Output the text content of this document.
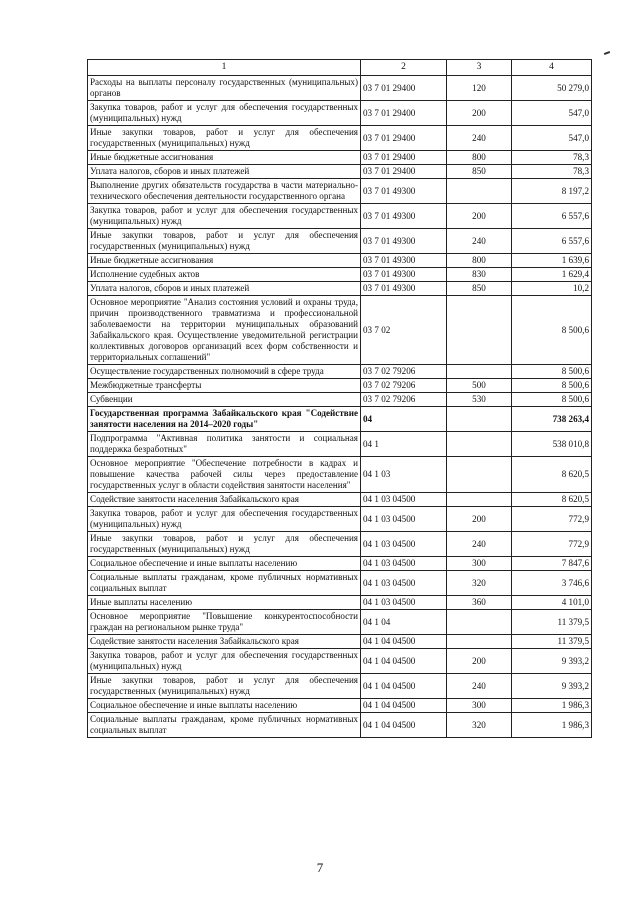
1	2	3	4
Расходы на выплаты персоналу государственных (муниципальных) органов	03 7 01 29400	120	50 279,0
Закупка товаров, работ и услуг для обеспечения государственных (муниципальных) нужд	03 7 01 29400	200	547,0
Иные закупки товаров, работ и услуг для обеспечения государственных (муниципальных) нужд	03 7 01 29400	240	547,0
Иные бюджетные ассигнования	03 7 01 29400	800	78,3
Уплата налогов, сборов и иных платежей	03 7 01 29400	850	78,3
Выполнение других обязательств государства в части материально-технического обеспечения деятельности государственного органа	03 7 01 49300		8 197,2
Закупка товаров, работ и услуг для обеспечения государственных (муниципальных) нужд	03 7 01 49300	200	6 557,6
Иные закупки товаров, работ и услуг для обеспечения государственных (муниципальных) нужд	03 7 01 49300	240	6 557,6
Иные бюджетные ассигнования	03 7 01 49300	800	1 639,6
Исполнение судебных актов	03 7 01 49300	830	1 629,4
Уплата налогов, сборов и иных платежей	03 7 01 49300	850	10,2
Основное мероприятие "Анализ состояния условий и охраны труда, причин производственного травматизма и профессиональной заболеваемости на территории муниципальных образований Забайкальского края. Осуществление уведомительной регистрации коллективных договоров организаций всех форм собственности и территориальных соглашений"	03 7 02		8 500,6
Осуществление государственных полномочий в сфере труда	03 7 02 79206		8 500,6
Межбюджетные трансферты	03 7 02 79206	500	8 500,6
Субвенции	03 7 02 79206	530	8 500,6
Государственная программа Забайкальского края "Содействие занятости населения на 2014–2020 годы"	04		738 263,4
Подпрограмма "Активная политика занятости и социальная поддержка безработных"	04 1		538 010,8
Основное мероприятие "Обеспечение потребности в кадрах и повышение качества рабочей силы через предоставление государственных услуг в области содействия занятости населения"	04 1 03		8 620,5
Содействие занятости населения Забайкальского края	04 1 03 04500		8 620,5
Закупка товаров, работ и услуг для обеспечения государственных (муниципальных) нужд	04 1 03 04500	200	772,9
Иные закупки товаров, работ и услуг для обеспечения государственных (муниципальных) нужд	04 1 03 04500	240	772,9
Социальное обеспечение и иные выплаты населению	04 1 03 04500	300	7 847,6
Социальные выплаты гражданам, кроме публичных нормативных социальных выплат	04 1 03 04500	320	3 746,6
Иные выплаты населению	04 1 03 04500	360	4 101,0
Основное мероприятие "Повышение конкурентоспособности граждан на региональном рынке труда"	04 1 04		11 379,5
Содействие занятости населения Забайкальского края	04 1 04 04500		11 379,5
Закупка товаров, работ и услуг для обеспечения государственных (муниципальных) нужд	04 1 04 04500	200	9 393,2
Иные закупки товаров, работ и услуг для обеспечения государственных (муниципальных) нужд	04 1 04 04500	240	9 393,2
Социальное обеспечение и иные выплаты населению	04 1 04 04500	300	1 986,3
Социальные выплаты гражданам, кроме публичных нормативных социальных выплат	04 1 04 04500	320	1 986,3
7
